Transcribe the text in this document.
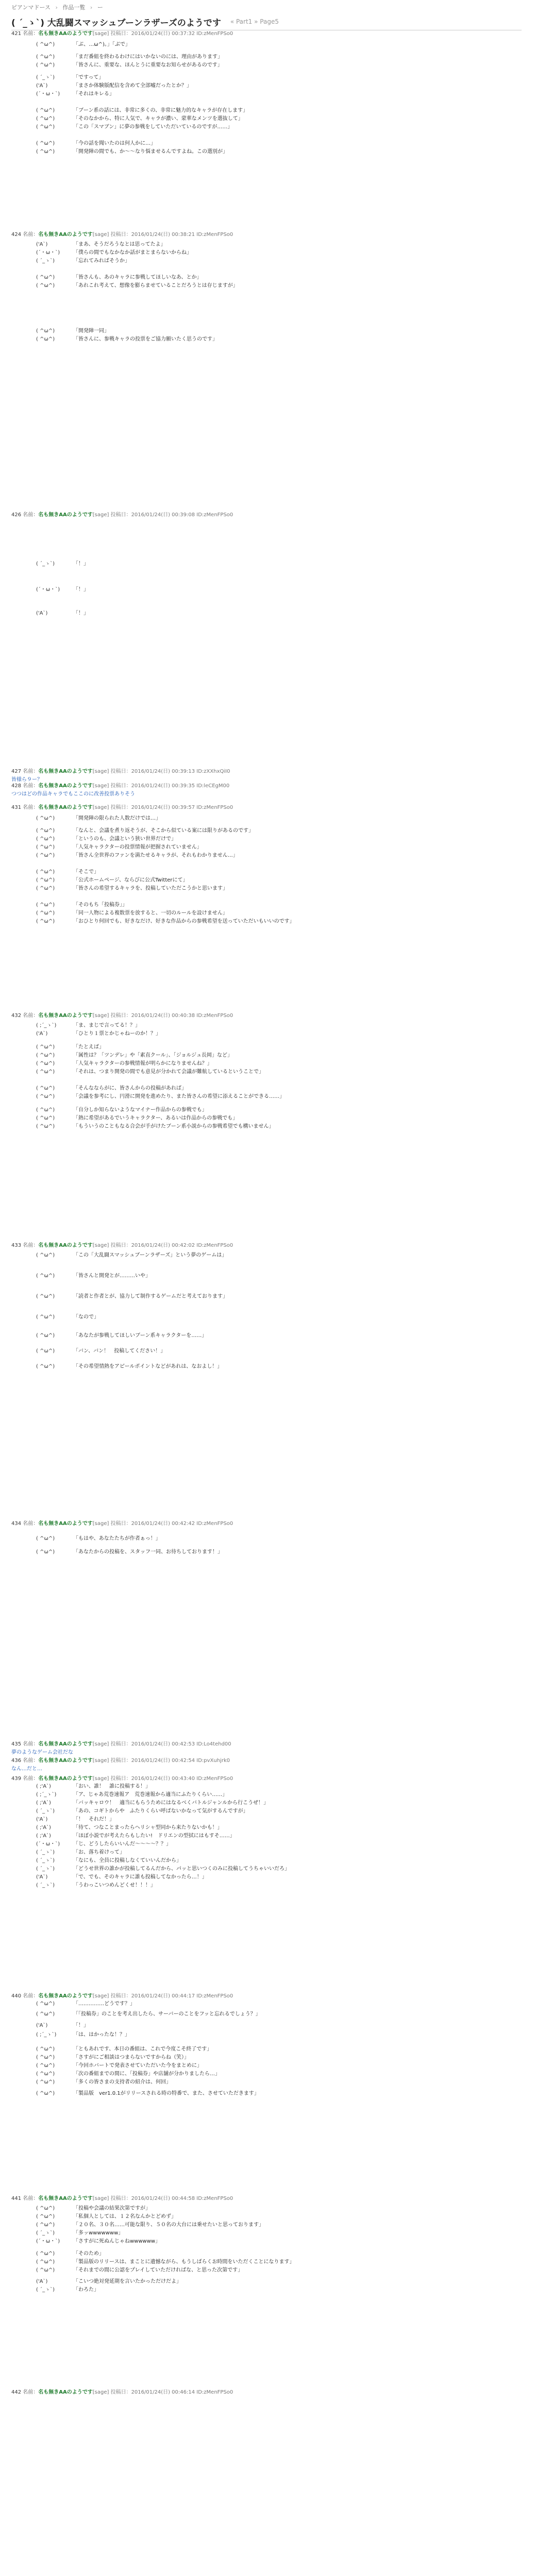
ピアンマドース › 作品一覧 › ー
( ´_ゝ`) 大乱闘スマッシュブーンラザーズのようです « Part1 » Page5
421 名前：名も無きAAのようです[sage] 投稿日：2016/01/24(日) 00:37:32 ID:zMenFPSo0
( ^ω^)	「ぶ、…ω^)。」「ぶで」
( ^ω^)	「まだ番組を終わるわけにはいかないのには、理由があります」
( ^ω^)	「皆さんに、重要な、ほんとうに重要なお知らせがあるのです」
( ´_ゝ`)	「ですって」
('A`)	「まさか体験版配信を含めて全部嘘だったとか？」
(´・ω・`)	「それはキレる」
( ^ω^)	「ブーン系の話には、非常に多くの、非常に魅力的なキャラが存在します」
( ^ω^)	「そのなかから、特に人気で、キャラが濃い、蒙華なメンツを選抜して」
( ^ω^)	「この「スマブン」に夢の参戦をしていただいているのですが……」
( ^ω^)	「今の話を聞いたのは何人かに…」
( ^ω^)	「開発陣の間でも、か～～なり悩ませるんですよね。この選別が」
424 名前：名も無きAAのようです[sage] 投稿日：2016/01/24(日) 00:38:21 ID:zMenFPSo0
('A`)	「まあ、そうだろうなとは思ってたよ」
(´・ω・`)	「僕らの間でもなかなか話がまとまらないからね」
( ´_ゝ`)	「忘れてみればそうか」
( ^ω^)	「皆さんも、あのキャラに参戦してほしいなあ、とか」
( ^ω^)	「あれこれ考えて、想像を膨らませていることだろうとは存じますが」
( ^ω^)	「開発陣一同」
( ^ω^)	「皆さんに、参戦キャラの投票をご協力願いたく思うのです」
426 名前：名も無きAAのようです[sage] 投稿日：2016/01/24(日) 00:39:08 ID:zMenFPSo0
( ´_ゝ`)	「！」
(´・ω・`)	「！」
('A`)	「！」
427 名前：名も無きAAのようです[sage] 投稿日：2016/01/24(日) 00:39:13 ID:zXXhxQiI0
皆様ら９ー？
428 名前：名も無きAAのようです[sage] 投稿日：2016/01/24(日) 00:39:35 ID:leCEgM00
つつはどの作品キャラでもここのに改善投票ありそう
431 名前：名も無きAAのようです[sage] 投稿日：2016/01/24(日) 00:39:57 ID:zMenFPSo0
( ^ω^)	「開発陣の限られた人数だけでは…」
( ^ω^)	「なんと、会議を煮り返そうが、そこから似ている案には限りがあるのです」
( ^ω^)	「というのも、会議という狭い世界だけで」
( ^ω^)	「人気キャラクターの投票情報が把握されていません」
( ^ω^)	「皆さん全世界のファンを満たせるキャラが、それもわかりません…」
( ^ω^)	「そこで」
( ^ω^)	「公式ホームページ、ならびに公式Twitterにて」
( ^ω^)	「皆さんの希望するキャラを、投稿していただこうかと思います」
( ^ω^)	「そのもち「投稿券」」
( ^ω^)	「同一人物による複数票を放すると、一切のルールを設けません」
( ^ω^)	「おひとり何回でも、好きなだけ、好きな作品からの参戦希望を送っていただいもいいのです」
432 名前：名も無きAAのようです[sage] 投稿日：2016/01/24(日) 00:40:38 ID:zMenFPSo0
( ;´_ゝ`)	「ま、まじで言ってる！？」
('A`)	「ひとり１票とかじゃねーのか！？」
( ^ω^)	「たとえば」
( ^ω^)	「属性は？「ツンデレ」や「素直クール」、「ジョルジュ長岡」など」
( ^ω^)	「人気キャラクターの参戦情報が明らかになりませんね？」
( ^ω^)	「それは、つまり開発の間でも意見が分かれて会議が難航しているということで」
( ^ω^)	「そんなならがに、皆さんからの投稿があれば」
( ^ω^)	「会議を参考にし、円滑に開発を進めたり、また皆さんの希望に添えることができる……」
( ^ω^)	「自分しか知らないようなマイナー作品からの参戦でも」
( ^ω^)	「熱に希望があるでいうキャラクター、あるいは作品からの参戦でも」
( ^ω^)	「もういうのこともなる合会が手がけたブーン系小説からの参戦希望でも構いません」
433 名前：名も無きAAのようです[sage] 投稿日：2016/01/24(日) 00:42:02 ID:zMenFPSo0
( ^ω^)	「この「大乱闘スマッシュブーンラザーズ」という夢のゲームは」
( ^ω^)	「皆さんと開発とが………いや」
( ^ω^)	「読者と作者とが、協力して制作するゲームだと考えております」
( ^ω^)	「なので」
( ^ω^)	「あなたが参戦してほしいブーン系キャラクターを……」
( ^ω^)	「バン、バン！　投稿してください！」
( ^ω^)	「その希望情熱をアピールポイントなどがあれは、なおよし！」
434 名前：名も無きAAのようです[sage] 投稿日：2016/01/24(日) 00:42:42 ID:zMenFPSo0
( ^ω^)	「もはや、あなたたちが作者ぁっ！」
( ^ω^)	「あなたからの投稿を、スタッフ一同、お待ちしております！」
435 名前：名も無きAAのようです[sage] 投稿日：2016/01/24(日) 00:42:53 ID:Lo4tehd00
夢のようなゲーム会社だな
436 名前：名も無きAAのようです[sage] 投稿日：2016/01/24(日) 00:42:54 ID:pvXuhjrk0
なん…だと…
439 名前：名も無きAAのようです[sage] 投稿日：2016/01/24(日) 00:43:40 ID:zMenFPSo0
( ;'A`)	「おい、誰！　誰に投稿する！」
( ;´_ゝ`)	「ア、じゃあ荒巻速報ア　荒巻速報から適当にふたりくらい……」
( ;'A`)	「バッキャロウ！　適当にもらうためにはなるべくバトルジャンルから行こうぜ！」
( ´_ゝ`)	「あの、コギトからや　ふたりくらい呼ばないかなって気がするんですが」
('A`)	「！　それだ！」
( ;'A`)	「待て、つなことまったらヘリシャ型同から来たりないかも！」
( ;'A`)	「ほぼ小説でが考えたらもしたい!　ドリエンの型拭にはもすそ……」
(´・ω・`)	「じ、どうしたらいいんだ～～～～？？」
( ´_ゝ`)	「お、落ち着けって」
( ´_ゝ`)	「なにも、全員に投稿しなくていいんだから」
( ´_ゝ`)	「どうせ世界の誰かが投稿してるんだから、パッと思いつくのみに投稿してうちゃいいだろ」
('A`)	「で、でも、そのキャラに誰も投稿してなかったら…！」
( ´_ゝ`)	「うわっこいつめんどくせ！！！」
440 名前：名も無きAAのようです[sage] 投稿日：2016/01/24(日) 00:44:17 ID:zMenFPSo0
( ^ω^)	「……………どうです？」
( ^ω^)	「「投稿券」のことを考え出したら、サーバーのことをフッと忘れるでしょう？」
('A`)	「！」
( ;´_ゝ`)	「は、はかったな！？」
( ^ω^)	「ともあれです、本日の番組は、これで今度こそ終了です」
( ^ω^)	「さすがにご相談はつまらないですからね（笑）」
( ^ω^)	「今回ホバートで発表させていただいた今をまとめに」
( ^ω^)	「次の番組までの間に、「投稿券」や店舗が分かりましたら…」
( ^ω^)	「多くの皆さまの支持者の紹介は、何回」
( ^ω^)	「製品版　ver1.0.1がリリースされる時の特番で、また、させていただきます」
441 名前：名も無きAAのようです[sage] 投稿日：2016/01/24(日) 00:44:58 ID:zMenFPSo0
( ^ω^)	「投稿や会議の結果次第ですが」
( ^ω^)	「私個人としては、１２名なんかとどめず」
( ^ω^)	「２０名、３０名……可能な限り、５０名の大台には乗せたいと思っております」
( ´_ゝ`)	「多ッwwwwwww」
(´・ω・`)	「さすがに死ぬんじゃねwwwwww」
( ^ω^)	「そのため」
( ^ω^)	「製品版のリリースは、まことに遺憾ながら、もうしばらくお時間をいただくことになります」
( ^ω^)	「それまでの間に公認をプレイしていただければな、と思った次第です」
('A`)	「こいつ絶対発延期を言いたかっただけだよ」
( ´_ゝ`)	「わろた」
442 名前：名も無きAAのようです[sage] 投稿日：2016/01/24(日) 00:46:14 ID:zMenFPSo0
